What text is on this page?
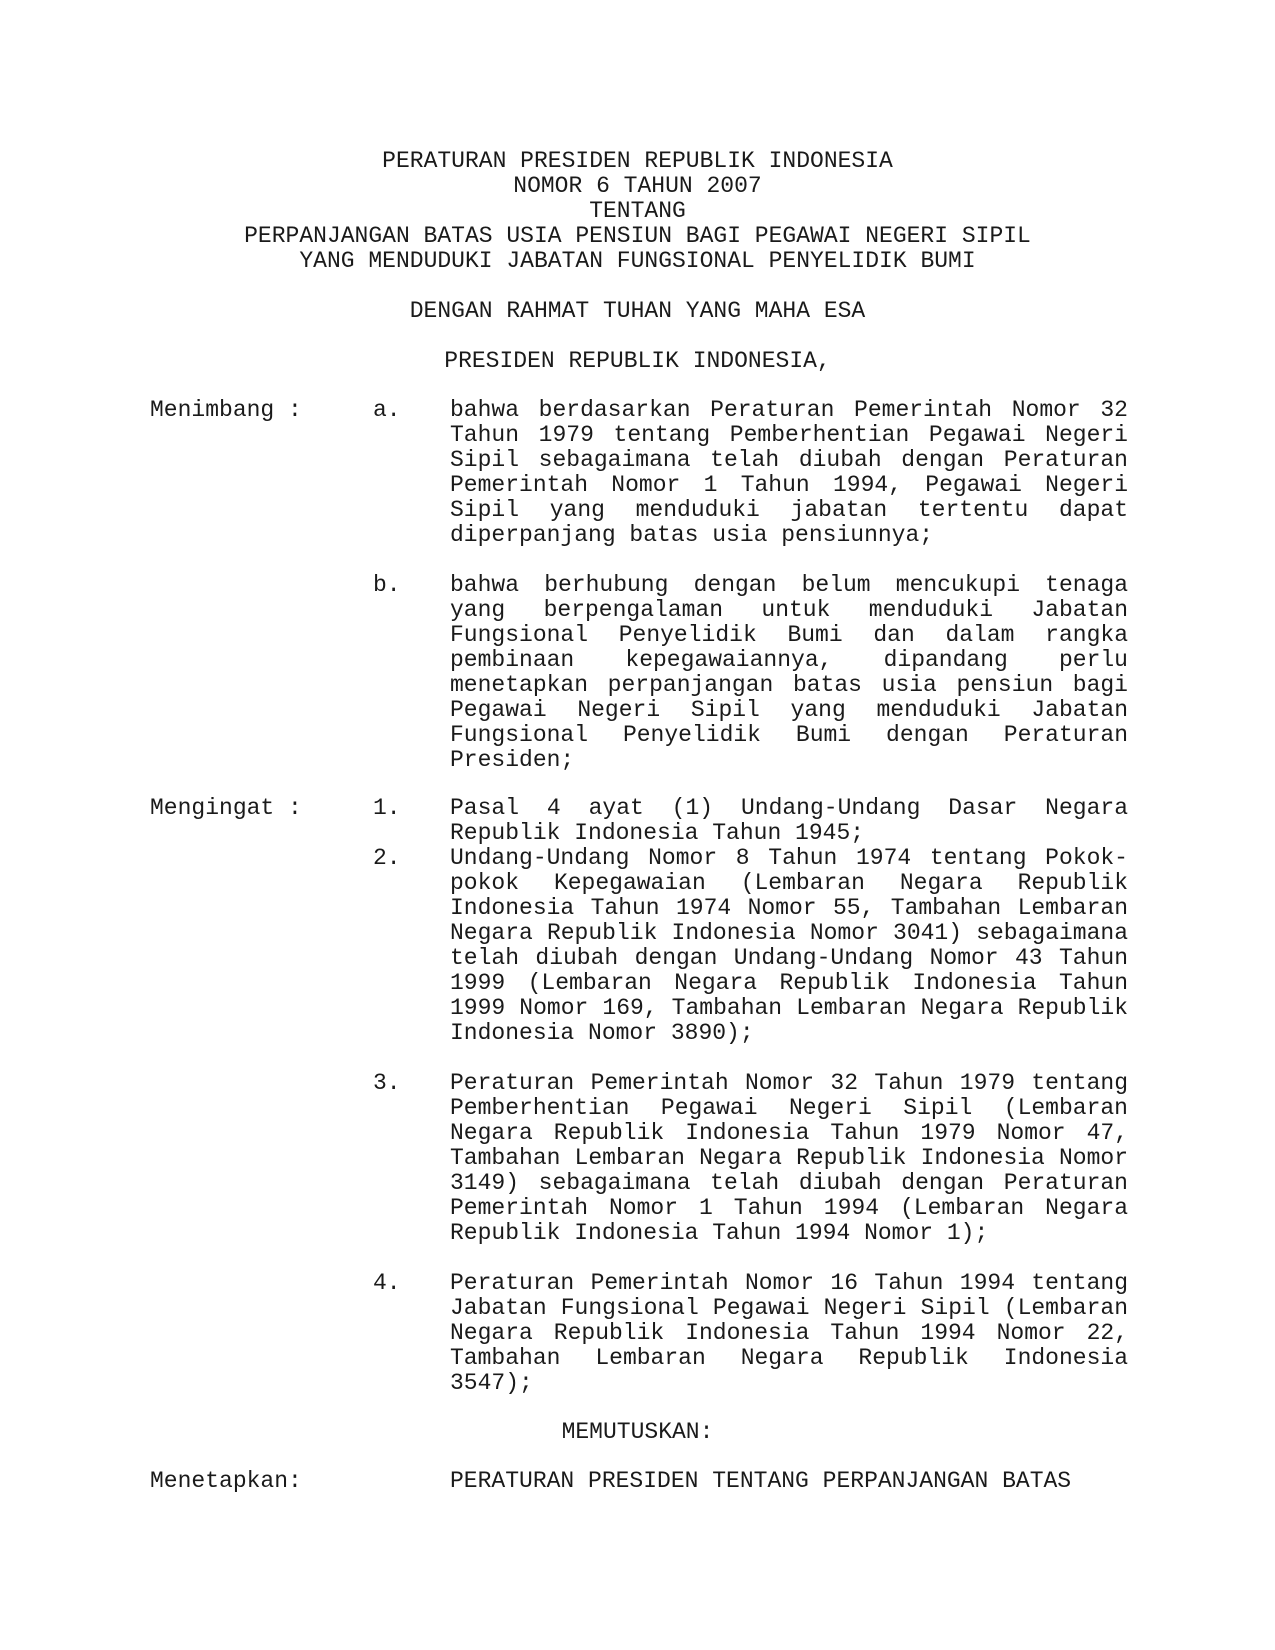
PERATURAN PRESIDEN REPUBLIK INDONESIA
NOMOR 6 TAHUN 2007
TENTANG
PERPANJANGAN BATAS USIA PENSIUN BAGI PEGAWAI NEGERI SIPIL
YANG MENDUDUKI JABATAN FUNGSIONAL PENYELIDIK BUMI
DENGAN RAHMAT TUHAN YANG MAHA ESA
PRESIDEN REPUBLIK INDONESIA,
Menimbang :	a. bahwa berdasarkan Peraturan Pemerintah Nomor 32 Tahun 1979 tentang Pemberhentian Pegawai Negeri Sipil sebagaimana telah diubah dengan Peraturan Pemerintah Nomor 1 Tahun 1994, Pegawai Negeri Sipil yang menduduki jabatan tertentu dapat diperpanjang batas usia pensiunnya;
b. bahwa berhubung dengan belum mencukupi tenaga yang berpengalaman untuk menduduki Jabatan Fungsional Penyelidik Bumi dan dalam rangka pembinaan kepegawaiannya, dipandang perlu menetapkan perpanjangan batas usia pensiun bagi Pegawai Negeri Sipil yang menduduki Jabatan Fungsional Penyelidik Bumi dengan Peraturan Presiden;
Mengingat :	1. Pasal 4 ayat (1) Undang-Undang Dasar Negara Republik Indonesia Tahun 1945;
2. Undang-Undang Nomor 8 Tahun 1974 tentang Pokok-pokok Kepegawaian (Lembaran Negara Republik Indonesia Tahun 1974 Nomor 55, Tambahan Lembaran Negara Republik Indonesia Nomor 3041) sebagaimana telah diubah dengan Undang-Undang Nomor 43 Tahun 1999 (Lembaran Negara Republik Indonesia Tahun 1999 Nomor 169, Tambahan Lembaran Negara Republik Indonesia Nomor 3890);
3. Peraturan Pemerintah Nomor 32 Tahun 1979 tentang Pemberhentian Pegawai Negeri Sipil (Lembaran Negara Republik Indonesia Tahun 1979 Nomor 47, Tambahan Lembaran Negara Republik Indonesia Nomor 3149) sebagaimana telah diubah dengan Peraturan Pemerintah Nomor 1 Tahun 1994 (Lembaran Negara Republik Indonesia Tahun 1994 Nomor 1);
4. Peraturan Pemerintah Nomor 16 Tahun 1994 tentang Jabatan Fungsional Pegawai Negeri Sipil (Lembaran Negara Republik Indonesia Tahun 1994 Nomor 22, Tambahan Lembaran Negara Republik Indonesia 3547);
MEMUTUSKAN:
Menetapkan:	PERATURAN PRESIDEN TENTANG PERPANJANGAN BATAS
